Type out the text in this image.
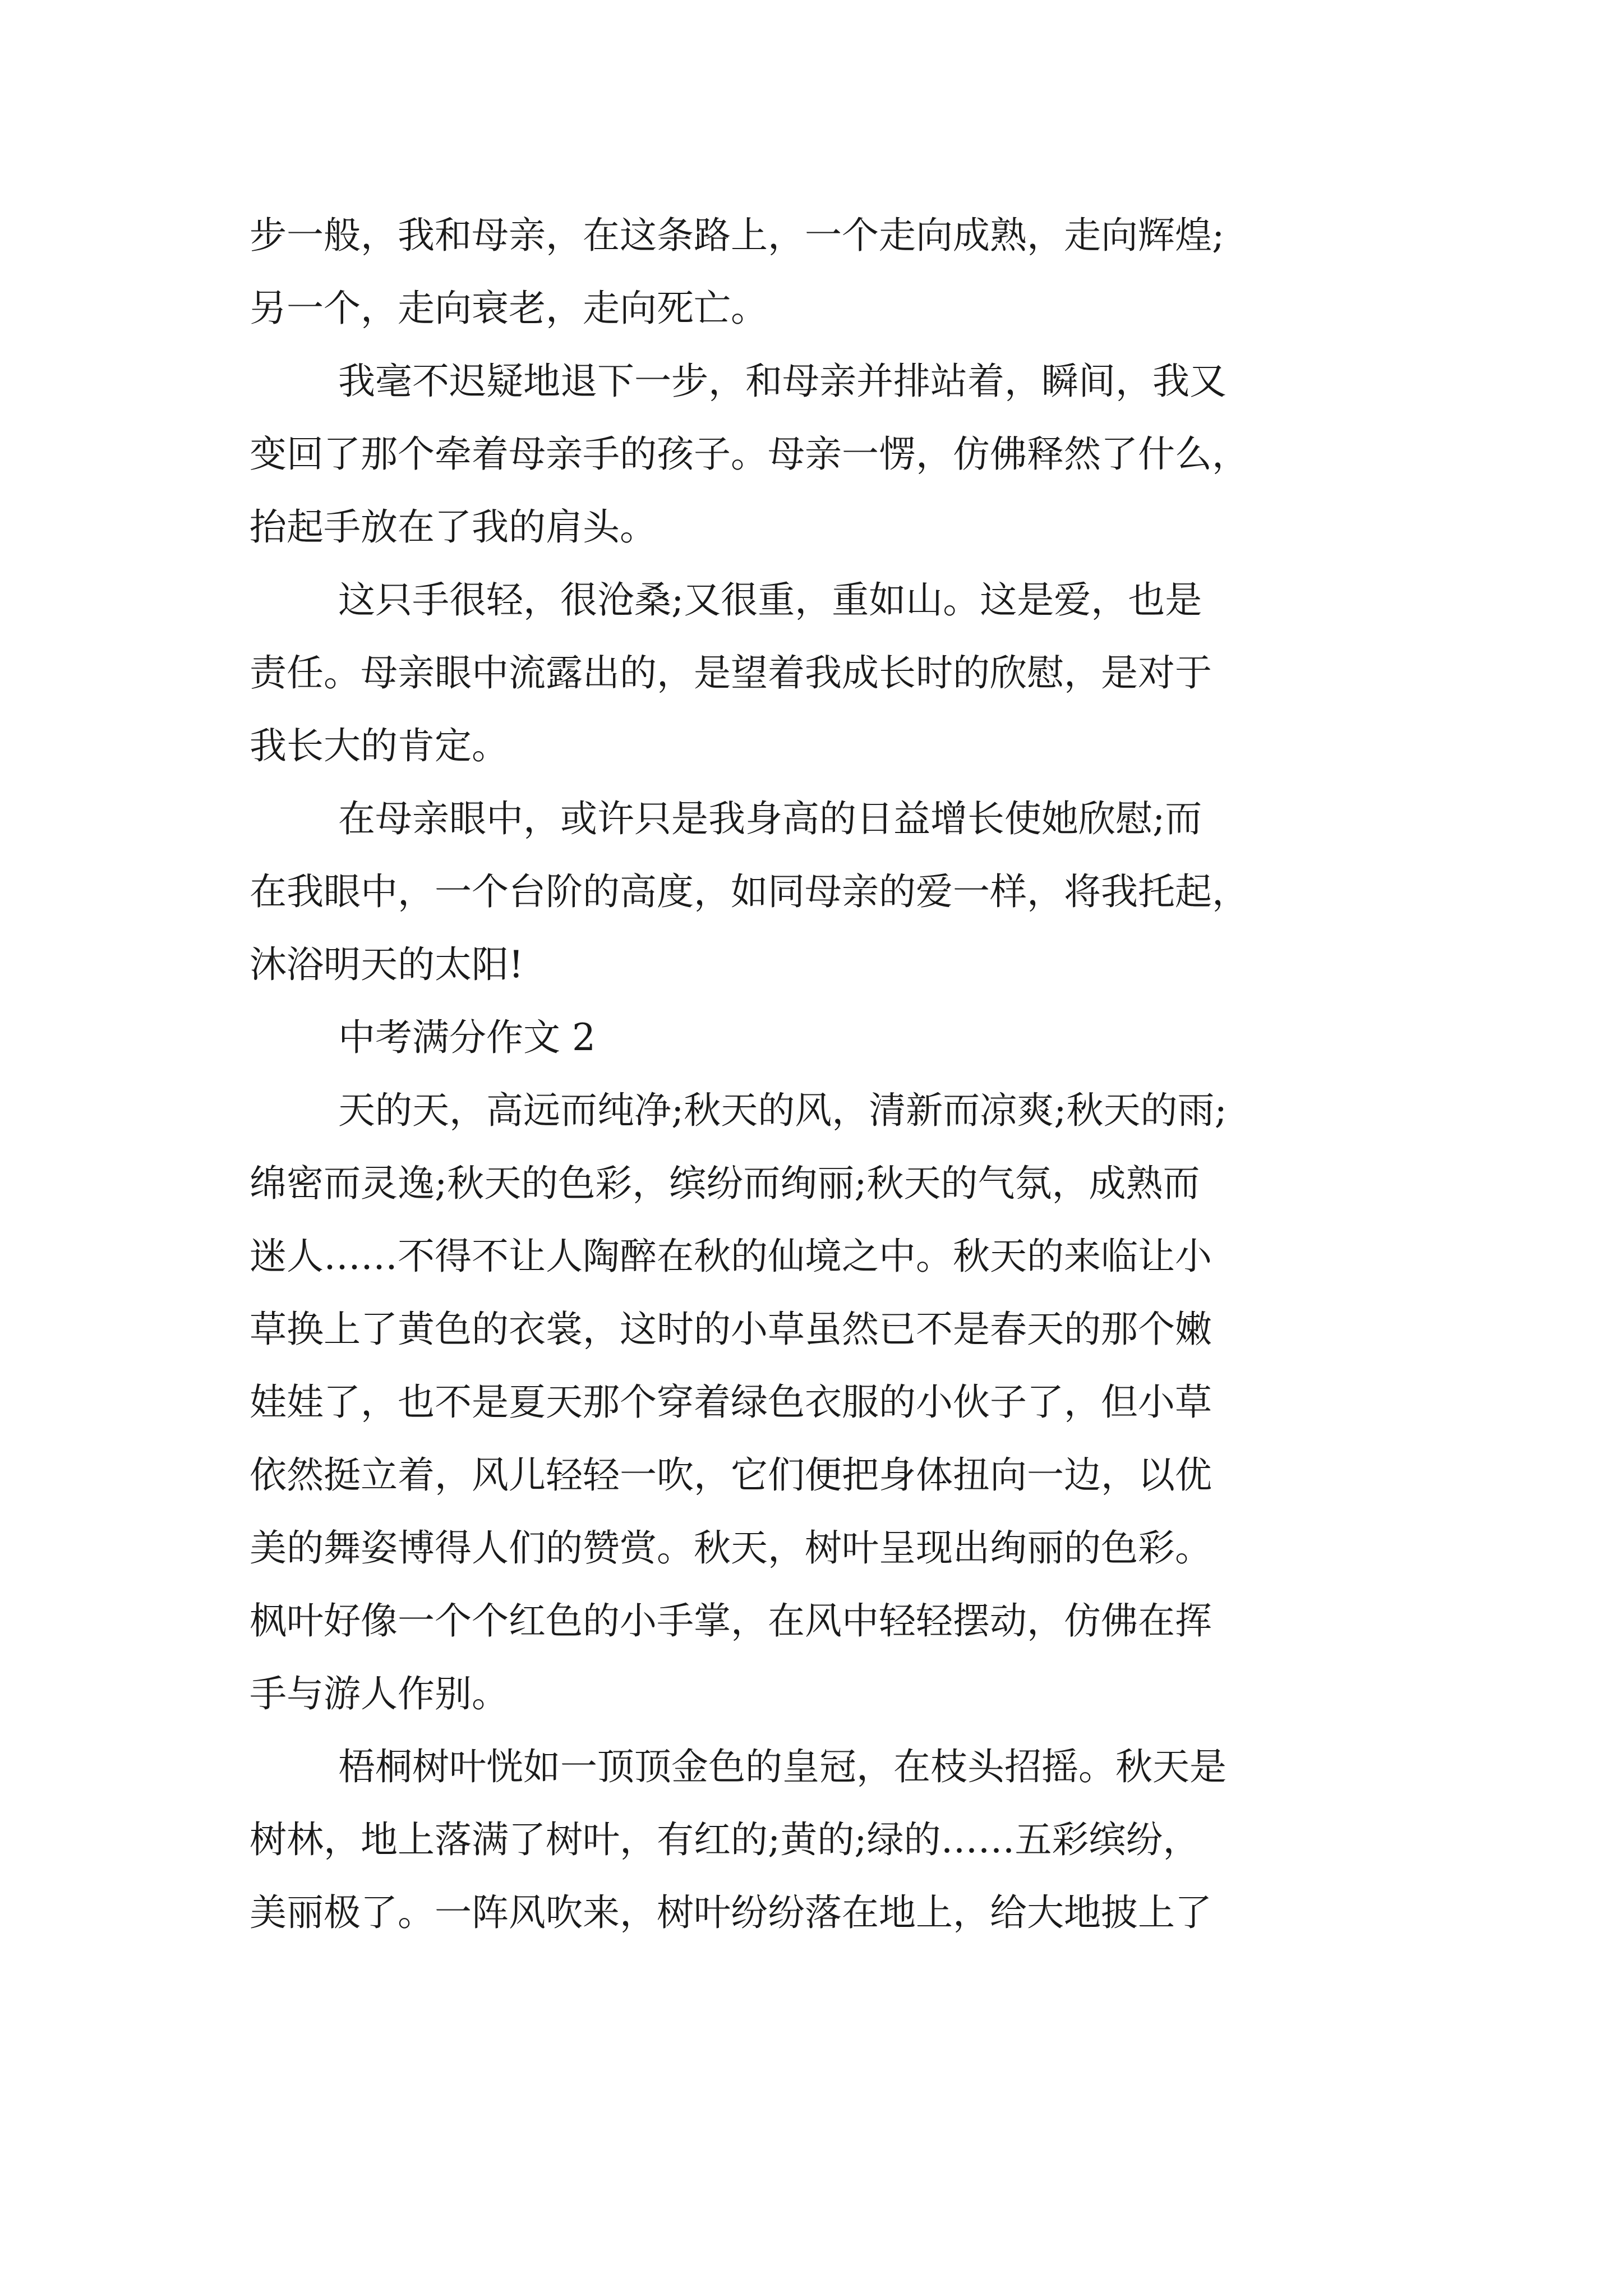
步一般，我和母亲，在这条路上，一个走向成熟，走向辉煌;
另一个，走向衰老，走向死亡。
我毫不迟疑地退下一步，和母亲并排站着，瞬间，我又
变回了那个牵着母亲手的孩子。母亲一愣，仿佛释然了什么，
抬起手放在了我的肩头。
这只手很轻，很沧桑;又很重，重如山。这是爱，也是
责任。母亲眼中流露出的，是望着我成长时的欣慰，是对于
我长大的肯定。
在母亲眼中，或许只是我身高的日益增长使她欣慰;而
在我眼中，一个台阶的高度，如同母亲的爱一样，将我托起，
沐浴明天的太阳!
中考满分作文 2
天的天，高远而纯净;秋天的风，清新而凉爽;秋天的雨;
绵密而灵逸;秋天的色彩，缤纷而绚丽;秋天的气氛，成熟而
迷人……不得不让人陶醉在秋的仙境之中。秋天的来临让小
草换上了黄色的衣裳，这时的小草虽然已不是春天的那个嫩
娃娃了，也不是夏天那个穿着绿色衣服的小伙子了，但小草
依然挺立着，风儿轻轻一吹，它们便把身体扭向一边，以优
美的舞姿博得人们的赞赏。秋天，树叶呈现出绚丽的色彩。
枫叶好像一个个红色的小手掌，在风中轻轻摆动，仿佛在挥
手与游人作别。
梧桐树叶恍如一顶顶金色的皇冠，在枝头招摇。秋天是
树林，地上落满了树叶，有红的;黄的;绿的……五彩缤纷，
美丽极了。一阵风吹来，树叶纷纷落在地上，给大地披上了
